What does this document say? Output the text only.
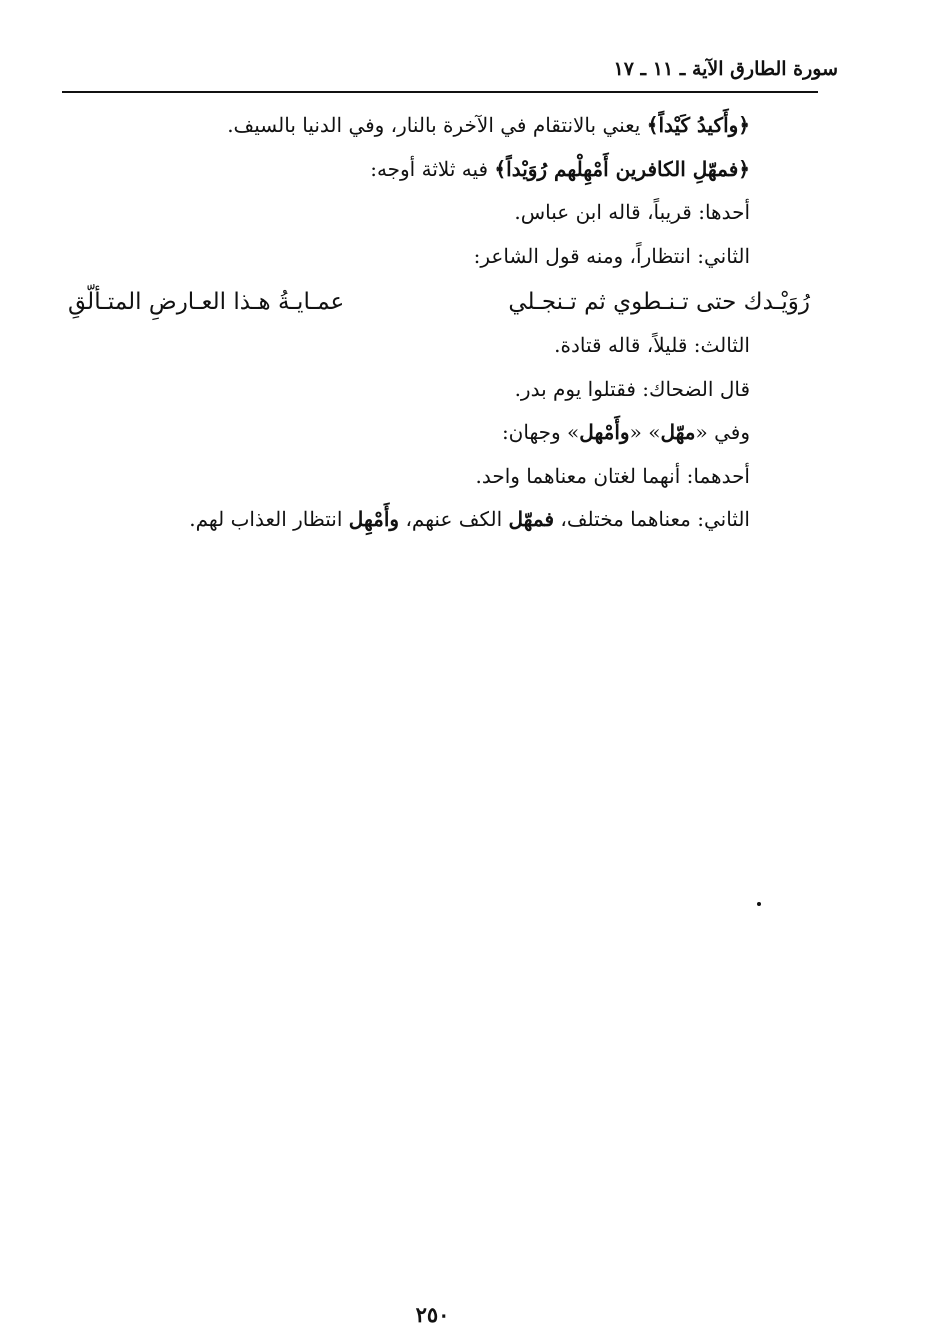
سورة الطارق الآية ـ ١١ ـ ١٧
﴿وأَكيدُ كَيْداً﴾ يعني بالانتقام في الآخرة بالنار، وفي الدنيا بالسيف.
﴿فمهّلِ الكافرين أَمْهِلْهم رُوَيْداً﴾ فيه ثلاثة أوجه:
أحدها: قريباً، قاله ابن عباس.
الثاني: انتظاراً، ومنه قول الشاعر:
رُوَيْـدك حتى تـنـطوي ثم تـنجـلي
عمـايـةُ هـذا العـارضِ المتـألّقِ
الثالث: قليلاً، قاله قتادة.
قال الضحاك: فقتلوا يوم بدر.
وفي «مهّل» «وأَمْهل» وجهان:
أحدهما: أنهما لغتان معناهما واحد.
الثاني: معناهما مختلف، فمهّل الكف عنهم، وأَمْهِل انتظار العذاب لهم.
٢٥٠
